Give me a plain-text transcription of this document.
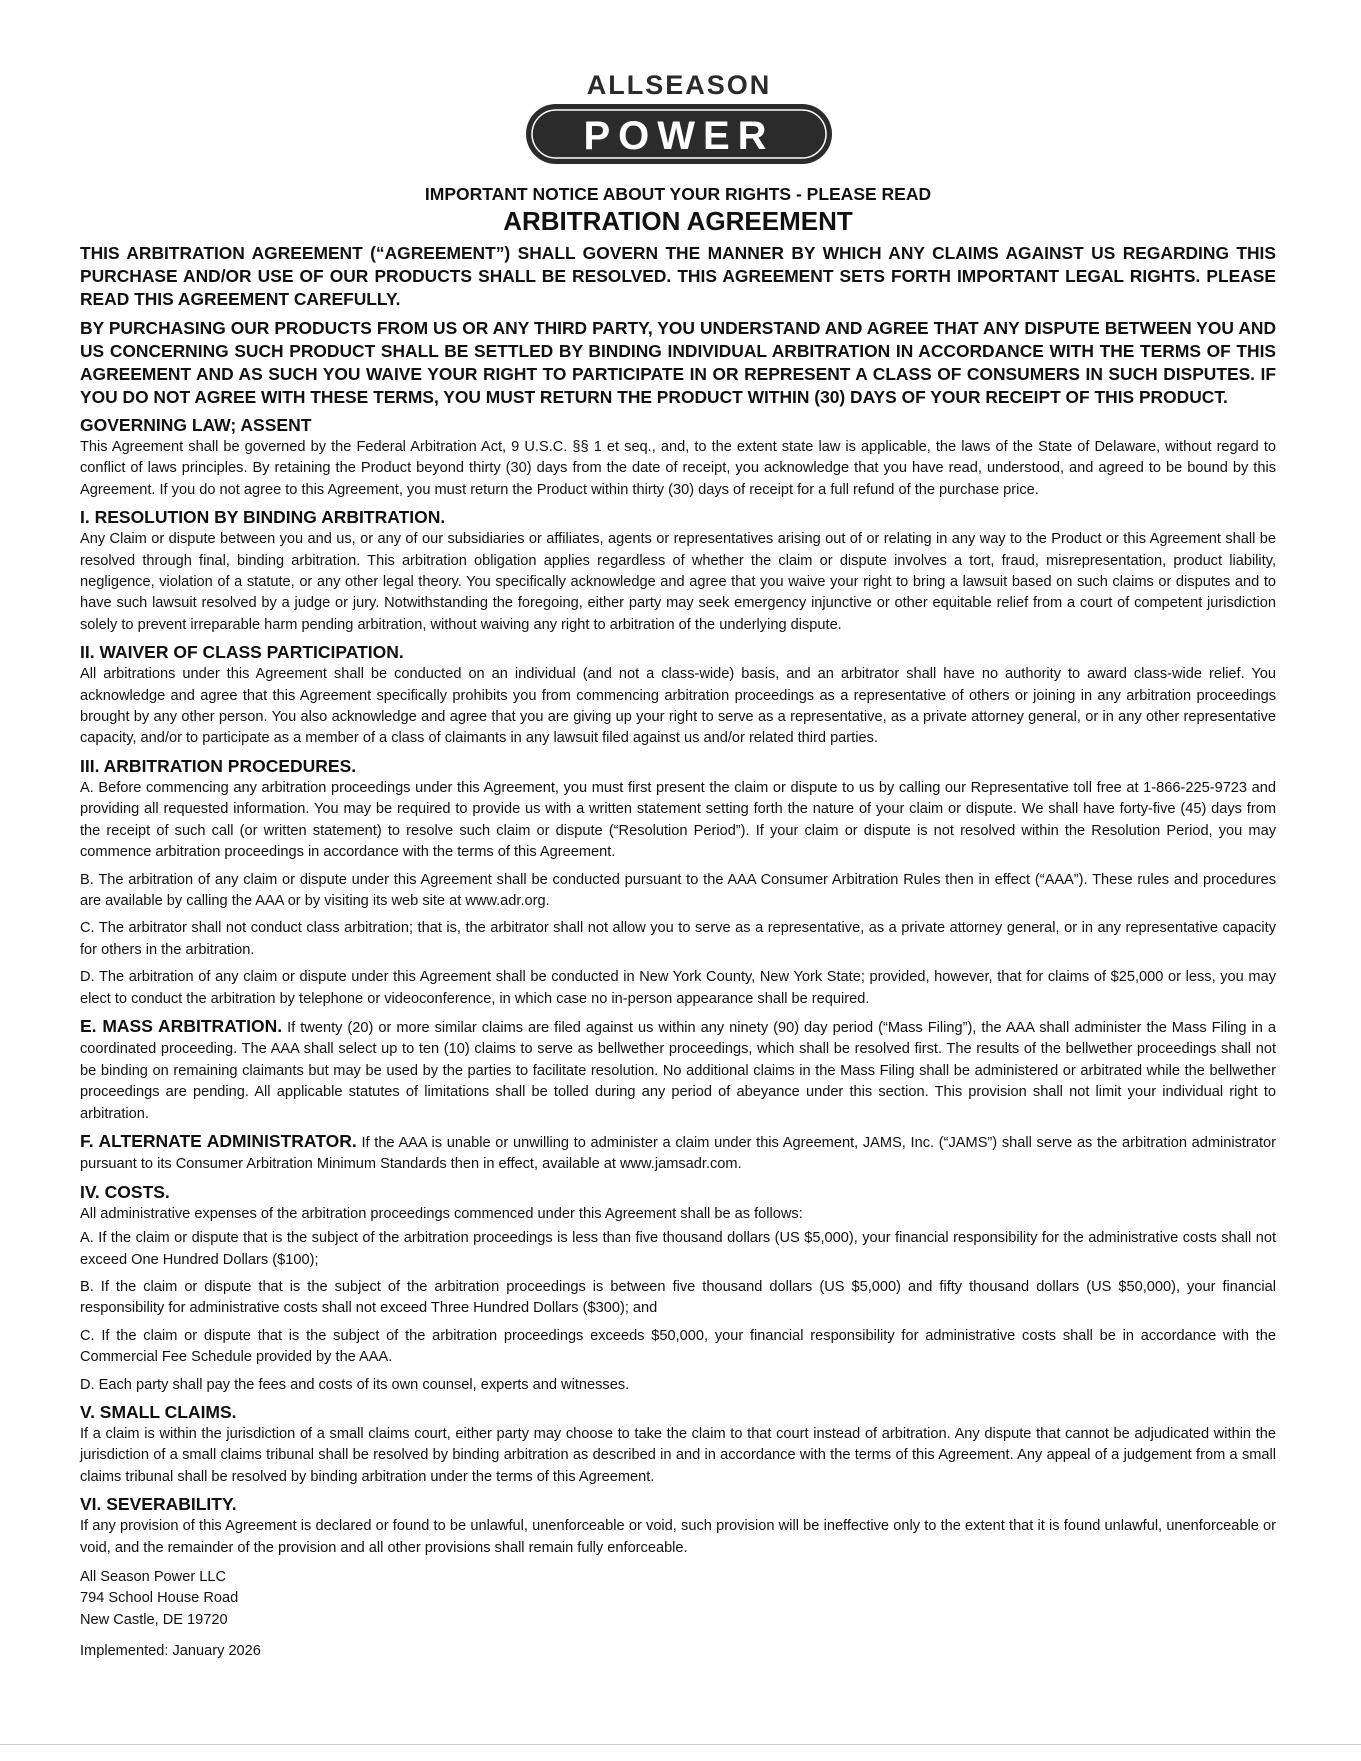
ALLSEASON
POWER

IMPORTANT NOTICE ABOUT YOUR RIGHTS - PLEASE READ

ARBITRATION AGREEMENT

THIS ARBITRATION AGREEMENT (“AGREEMENT”) SHALL GOVERN THE MANNER BY WHICH ANY CLAIMS AGAINST US REGARDING THIS PURCHASE AND/OR USE OF OUR PRODUCTS SHALL BE RESOLVED. THIS AGREEMENT SETS FORTH IMPORTANT LEGAL RIGHTS. PLEASE READ THIS AGREEMENT CAREFULLY.

BY PURCHASING OUR PRODUCTS FROM US OR ANY THIRD PARTY, YOU UNDERSTAND AND AGREE THAT ANY DISPUTE BETWEEN YOU AND US CONCERNING SUCH PRODUCT SHALL BE SETTLED BY BINDING INDIVIDUAL ARBITRATION IN ACCORDANCE WITH THE TERMS OF THIS AGREEMENT AND AS SUCH YOU WAIVE YOUR RIGHT TO PARTICIPATE IN OR REPRESENT A CLASS OF CONSUMERS IN SUCH DISPUTES. IF YOU DO NOT AGREE WITH THESE TERMS, YOU MUST RETURN THE PRODUCT WITHIN (30) DAYS OF YOUR RECEIPT OF THIS PRODUCT.

GOVERNING LAW; ASSENT

This Agreement shall be governed by the Federal Arbitration Act, 9 U.S.C. §§ 1 et seq., and, to the extent state law is applicable, the laws of the State of Delaware, without regard to conflict of laws principles. By retaining the Product beyond thirty (30) days from the date of receipt, you acknowledge that you have read, understood, and agreed to be bound by this Agreement. If you do not agree to this Agreement, you must return the Product within thirty (30) days of receipt for a full refund of the purchase price.

I. RESOLUTION BY BINDING ARBITRATION.

Any Claim or dispute between you and us, or any of our subsidiaries or affiliates, agents or representatives arising out of or relating in any way to the Product or this Agreement shall be resolved through final, binding arbitration. This arbitration obligation applies regardless of whether the claim or dispute involves a tort, fraud, misrepresentation, product liability, negligence, violation of a statute, or any other legal theory. You specifically acknowledge and agree that you waive your right to bring a lawsuit based on such claims or disputes and to have such lawsuit resolved by a judge or jury. Notwithstanding the foregoing, either party may seek emergency injunctive or other equitable relief from a court of competent jurisdiction solely to prevent irreparable harm pending arbitration, without waiving any right to arbitration of the underlying dispute.

II. WAIVER OF CLASS PARTICIPATION.

All arbitrations under this Agreement shall be conducted on an individual (and not a class-wide) basis, and an arbitrator shall have no authority to award class-wide relief. You acknowledge and agree that this Agreement specifically prohibits you from commencing arbitration proceedings as a representative of others or joining in any arbitration proceedings brought by any other person. You also acknowledge and agree that you are giving up your right to serve as a representative, as a private attorney general, or in any other representative capacity, and/or to participate as a member of a class of claimants in any lawsuit filed against us and/or related third parties.

III. ARBITRATION PROCEDURES.

A. Before commencing any arbitration proceedings under this Agreement, you must first present the claim or dispute to us by calling our Representative toll free at 1-866-225-9723 and providing all requested information. You may be required to provide us with a written statement setting forth the nature of your claim or dispute. We shall have forty-five (45) days from the receipt of such call (or written statement) to resolve such claim or dispute (“Resolution Period”). If your claim or dispute is not resolved within the Resolution Period, you may commence arbitration proceedings in accordance with the terms of this Agreement.

B. The arbitration of any claim or dispute under this Agreement shall be conducted pursuant to the AAA Consumer Arbitration Rules then in effect (“AAA”). These rules and procedures are available by calling the AAA or by visiting its web site at www.adr.org.

C. The arbitrator shall not conduct class arbitration; that is, the arbitrator shall not allow you to serve as a representative, as a private attorney general, or in any representative capacity for others in the arbitration.

D. The arbitration of any claim or dispute under this Agreement shall be conducted in New York County, New York State; provided, however, that for claims of $25,000 or less, you may elect to conduct the arbitration by telephone or videoconference, in which case no in-person appearance shall be required.

E. MASS ARBITRATION. If twenty (20) or more similar claims are filed against us within any ninety (90) day period (“Mass Filing”), the AAA shall administer the Mass Filing in a coordinated proceeding. The AAA shall select up to ten (10) claims to serve as bellwether proceedings, which shall be resolved first. The results of the bellwether proceedings shall not be binding on remaining claimants but may be used by the parties to facilitate resolution. No additional claims in the Mass Filing shall be administered or arbitrated while the bellwether proceedings are pending. All applicable statutes of limitations shall be tolled during any period of abeyance under this section. This provision shall not limit your individual right to arbitration.

F. ALTERNATE ADMINISTRATOR. If the AAA is unable or unwilling to administer a claim under this Agreement, JAMS, Inc. (“JAMS”) shall serve as the arbitration administrator pursuant to its Consumer Arbitration Minimum Standards then in effect, available at www.jamsadr.com.

IV. COSTS.

All administrative expenses of the arbitration proceedings commenced under this Agreement shall be as follows:

A. If the claim or dispute that is the subject of the arbitration proceedings is less than five thousand dollars (US $5,000), your financial responsibility for the administrative costs shall not exceed One Hundred Dollars ($100);

B. If the claim or dispute that is the subject of the arbitration proceedings is between five thousand dollars (US $5,000) and fifty thousand dollars (US $50,000), your financial responsibility for administrative costs shall not exceed Three Hundred Dollars ($300); and

C. If the claim or dispute that is the subject of the arbitration proceedings exceeds $50,000, your financial responsibility for administrative costs shall be in accordance with the Commercial Fee Schedule provided by the AAA.

D. Each party shall pay the fees and costs of its own counsel, experts and witnesses.

V. SMALL CLAIMS.

If a claim is within the jurisdiction of a small claims court, either party may choose to take the claim to that court instead of arbitration. Any dispute that cannot be adjudicated within the jurisdiction of a small claims tribunal shall be resolved by binding arbitration as described in and in accordance with the terms of this Agreement. Any appeal of a judgement from a small claims tribunal shall be resolved by binding arbitration under the terms of this Agreement.

VI. SEVERABILITY.

If any provision of this Agreement is declared or found to be unlawful, unenforceable or void, such provision will be ineffective only to the extent that it is found unlawful, unenforceable or void, and the remainder of the provision and all other provisions shall remain fully enforceable.

All Season Power LLC
794 School House Road
New Castle, DE 19720
Implemented: January 2026
